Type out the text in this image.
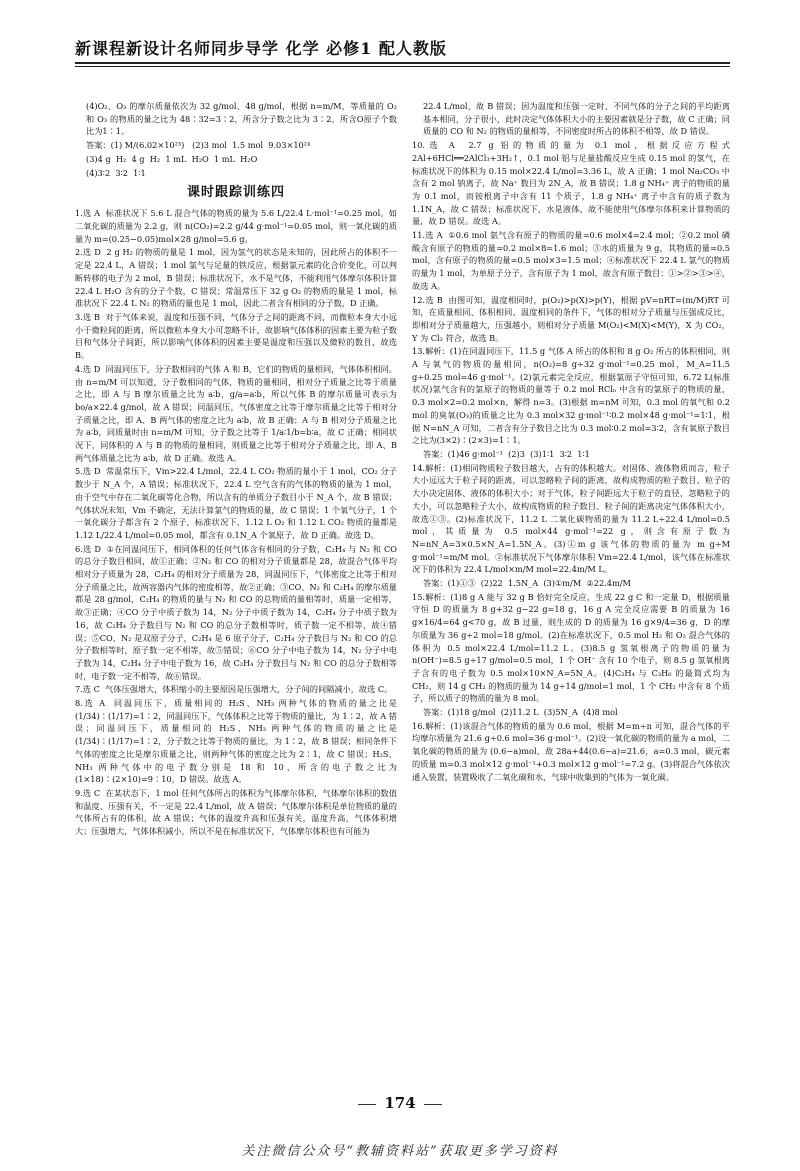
新课程新设计名师同步导学 化学 必修1 配人教版

(4)O₂、O₃ 的摩尔质量依次为 32 g/mol、48 g/mol，根据 n=m/M，等质量的 O₂ 和 O₃ 的物质的量之比为 48∶32=3∶2，所含分子数之比为 3∶2，所含O原子个数比为1∶1。

答案：(1) M/(6.02×10²³)   (2)3 mol  1.5 mol  9.03×10²⁴

(3)4 g  H₂  4 g  H₂  1 mL  H₂O  1 mL  H₂O

(4)3∶2  3∶2  1∶1

课时跟踪训练四

1.选 A  标准状况下 5.6 L 混合气体的物质的量为 5.6 L/22.4 L·mol⁻¹=0.25 mol。如二氧化碳的质量为 2.2 g，则 n(CO₂)=2.2 g/44 g·mol⁻¹=0.05 mol，则一氧化碳的质量为 m=(0.25−0.05)mol×28 g/mol=5.6 g。

2.选 D  2 g H₂ 的物质的量是 1 mol，因为氢气的状态是未知的，因此所占的体积不一定是 22.4 L，A 错误；1 mol 氯气与足量的铁反应，根据氯元素的化合价变化，可以判断转移的电子为 2 mol，B 错误；标准状况下，水不是气体，不能利用气体摩尔体积计算 22.4 L H₂O 含有的分子个数，C 错误；常温常压下 32 g O₂ 的物质的量是 1 mol，标准状况下 22.4 L N₂ 的物质的量也是 1 mol，因此二者含有相同的分子数，D 正确。

3.选 B  对于气体来说，温度和压强不同，气体分子之间的距离不同，而微粒本身大小远小于微粒间的距离，所以微粒本身大小可忽略不计，故影响气体体积的因素主要为粒子数目和气体分子间距，所以影响气体体积的因素主要是温度和压强以及微粒的数目，故选 B。

4.选 D  同温同压下，分子数相同的气体 A 和 B，它们的物质的量相同，气体体积相同。由 n=m/M 可以知道，分子数相同的气体，物质的量相同，相对分子质量之比等于质量之比，即 A 与 B 摩尔质量之比为 a∶b，g/a=a∶b，所以气体 B 的摩尔质量可表示为 bo/a×22.4 g/mol，故 A 错误；同温同压，气体密度之比等于摩尔质量之比等于相对分子质量之比，即 A、B 两气体的密度之比为 a∶b，故 B 正确；A 与 B 相对分子质量之比为 a∶b，同质量时由 n=m/M 可知，分子数之比等于 1/a∶1/b=b∶a，故 C 正确；相同状况下，同体积的 A 与 B 的物质的量相同，则质量之比等于相对分子质量之比，即 A、B 两气体质量之比为 a∶b，故 D 正确。故选 A。

5.选 D  常温常压下，Vm>22.4 L/mol，22.4 L CO₂ 物质的量小于 1 mol，CO₂ 分子数少于 N_A 个，A 错误；标准状况下，22.4 L 空气含有的气体的物质的量为 1 mol，由于空气中存在二氧化碳等化合物，所以含有的单质分子数目小于 N_A 个，故 B 错误；气体状况未知，Vm 不确定，无法计算氯气的物质的量，故 C 错误；1 个氧气分子，1 个一氧化碳分子都含有 2 个原子，标准状况下，1.12 L O₂ 和 1.12 L CO₂ 物质的量都是 1.12 L/22.4 L/mol=0.05 mol，都含有 0.1N_A 个氧原子，故 D 正确。故选 D。

6.选 D  ①在同温同压下，相同体积的任何气体含有相同的分子数，C₂H₄ 与 N₂ 和 CO 的总分子数目相同，故①正确；②N₂ 和 CO 的相对分子质量都是 28，故混合气体平均相对分子质量为 28，C₂H₄ 的相对分子质量为 28，同温同压下，气体密度之比等于相对分子质量之比，故两容器内气体的密度相等，故②正确；③CO、N₂ 和 C₂H₄ 的摩尔质量都是 28 g/mol，C₂H₄ 的物质的量与 N₂ 和 CO 的总物质的量相等时，质量一定相等，故③正确；④CO 分子中质子数为 14，N₂ 分子中质子数为 14，C₂H₄ 分子中质子数为 16，故 C₂H₄ 分子数目与 N₂ 和 CO 的总分子数相等时，质子数一定不相等，故④错误；⑤CO、N₂ 是双原子分子，C₂H₄ 是 6 原子分子，C₂H₄ 分子数目与 N₂ 和 CO 的总分子数相等时，原子数一定不相等，故⑤错误；⑥CO 分子中电子数为 14，N₂ 分子中电子数为 14，C₂H₄ 分子中电子数为 16，故 C₂H₄ 分子数目与 N₂ 和 CO 的总分子数相等时，电子数一定不相等，故⑥错误。

7.选 C  气体压强增大，体积缩小的主要原因是压强增大，分子间的间隔减小，故选 C。

8.选 A  同温同压下，质量相同的 H₂S、NH₃ 两种气体的物质的量之比是 (1/34)∶(1/17)=1∶2，同温同压下，气体体积之比等于物质的量比，为 1∶2，故 A 错误；同温同压下，质量相同的 H₂S、NH₃ 两种气体的物质的量之比是 (1/34)∶(1/17)=1∶2，分子数之比等于物质的量比，为 1∶2，故 B 错误；相同条件下气体的密度之比是摩尔质量之比，则两种气体的密度之比为 2∶1，故 C 错误；H₂S、NH₃ 两种气体中的电子数分别是 18 和 10，所含的电子数之比为(1×18)∶(2×10)=9∶10，D 错误。故选 A。

9.选 C  在某状态下，1 mol 任何气体所占的体积为气体摩尔体积，气体摩尔体积的数值和温度、压强有关，不一定是 22.4 L/mol，故 A 错误；气体摩尔体积是单位物质的量的气体所占有的体积，故 A 错误；气体的温度升高和压强有关，温度升高，气体体积增大；压强增大，气体体积减小，所以不是在标准状况下，气体摩尔体积也有可能为

22.4 L/mol，故 B 错误；因为温度和压强一定时，不同气体的分子之间的平均距离基本相同，分子很小，此时决定气体体积大小的主要因素就是分子数，故 C 正确；同质量的 CO 和 N₂ 的物质的量相等，不同密度时所占的体积不相等，故 D 错误。

10.选 A  2.7 g 铝的物质的量为 0.1 mol，根据反应方程式 2Al+6HCl══2AlCl₃+3H₂↑，0.1 mol 铝与足量盐酸反应生成 0.15 mol 的氢气，在标准状况下的体积为 0.15 mol×22.4 L/mol=3.36 L，故 A 正确；1 mol Na₂CO₃ 中含有 2 mol 钠离子，故 Na⁺ 数目为 2N_A，故 B 错误；1.8 g NH₄⁺ 离子的物质的量为 0.1 mol，而铵根离子中含有 11 个质子，1.8 g NH₄⁺ 离子中含有的质子数为 1.1N_A，故 C 错误；标准状况下，水是液体，故不能使用气体摩尔体积来计算物质的量，故 D 错误。故选 A。

11.选 A  ①0.6 mol 氨气含有原子的物质的量=0.6 mol×4=2.4 mol；②0.2 mol 磷酸含有原子的物质的量=0.2 mol×8=1.6 mol；③水的质量为 9 g，其物质的量=0.5 mol，含有原子的物质的量=0.5 mol×3=1.5 mol；④标准状况下 22.4 L 氯气的物质的量为 1 mol，为单原子分子，含有原子为 1 mol，故含有原子数目：①>②>③>④，故选 A。

12.选 B  由图可知，温度相同时，p(O₂)>p(X)>p(Y)，根据 pV=nRT=(m/M)RT 可知，在质量相同、体积相同、温度相同的条件下，气体的相对分子质量与压强成反比，即相对分子质量越大，压强越小，则相对分子质量 M(O₂)<M(X)<M(Y)，X 为 CO₂，Y 为 Cl₂ 符合，故选 B。

13.解析：(1)在同温同压下，11.5 g 气体 A 所占的体积和 8 g O₂ 所占的体积相同，则 A 与氧气的物质的量相同，n(O₂)=8 g÷32 g·mol⁻¹=0.25 mol，M_A=11.5 g÷0.25 mol=46 g·mol⁻¹。(2)氯元素完全反应，根据氯原子守恒可知，6.72 L(标准状况)氯气含有的氯原子的物质的量等于 0.2 mol RClₙ 中含有的氯原子的物质的量，0.3 mol×2=0.2 mol×n，解得 n=3。(3)根据 m=nM 可知，0.3 mol 的氧气和 0.2 mol 的臭氧(O₃)的质量之比为 0.3 mol×32 g·mol⁻¹∶0.2 mol×48 g·mol⁻¹=1∶1，根据 N=nN_A 可知，二者含有分子数目之比为 0.3 mol∶0.2 mol=3∶2，含有氧原子数目之比为(3×2)∶(2×3)=1∶1。

答案：(1)46 g·mol⁻¹  (2)3  (3)1∶1  3∶2  1∶1

14.解析：(1)相同物质粒子数目越大，占有的体积越大。对固体、液体物质而言，粒子大小远远大于粒子间的距离，可以忽略粒子间的距离，故构成物质的粒子数目、粒子的大小决定固体、液体的体积大小；对于气体，粒子间距远大于粒子的直径，忽略粒子的大小，可以忽略粒子大小，故构成物质的粒子数目、粒子间的距离决定气体体积大小，故选①③。(2)标准状况下，11.2 L 二氧化碳物质的量为 11.2 L÷22.4 L/mol=0.5 mol，其质量为 0.5 mol×44 g·mol⁻¹=22 g，则含有原子数为 N=nN_A=3×0.5×N_A=1.5N_A。(3)①m g 该气体的物质的量为 m g÷M g·mol⁻¹=m/M mol。②标准状况下气体摩尔体积 Vm=22.4 L/mol，该气体在标准状况下的体积为 22.4 L/mol×m/M mol=22.4m/M L。

答案：(1)①③  (2)22  1.5N_A  (3)①m/M  ②22.4m/M

15.解析：(1)8 g A 能与 32 g B 恰好完全反应，生成 22 g C 和一定量 D，根据质量守恒 D 的质量为 8 g+32 g−22 g=18 g，16 g A 完全反应需要 B 的质量为 16 g×16/4=64 g<70 g，故 B 过量，则生成的 D 的质量为 16 g×9/4=36 g，D 的摩尔质量为 36 g÷2 mol=18 g/mol。(2)在标准状况下，0.5 mol H₂ 和 O₂ 混合气体的体积为 0.5 mol×22.4 L/mol=11.2 L。(3)8.5 g 氢氧根离子的物质的量为 n(OH⁻)=8.5 g÷17 g/mol=0.5 mol，1 个 OH⁻ 含有 10 个电子，则 8.5 g 氢氧根离子含有的电子数为 0.5 mol×10×N_A=5N_A。(4)C₂H₄ 与 C₃H₆ 的最简式均为 CH₂，则 14 g CH₂ 的物质的量为 14 g÷14 g/mol=1 mol，1 个 CH₂ 中含有 8 个质子，所以质子的物质的量为 8 mol。

答案：(1)18 g/mol  (2)11.2 L  (3)5N_A  (4)8 mol

16.解析：(1)该混合气体的物质的量为 0.6 mol，根据 M=m÷n 可知，混合气体的平均摩尔质量为 21.6 g÷0.6 mol=36 g·mol⁻¹。(2)设一氧化碳的物质的量为 a mol，二氧化碳的物质的量为 (0.6−a)mol，故 28a+44(0.6−a)=21.6，a=0.3 mol，碳元素的质量 m=0.3 mol×12 g·mol⁻¹+0.3 mol×12 g·mol⁻¹=7.2 g。(3)将混合气体依次通入装置，装置吸收了二氧化碳和水，气球中收集到的气体为一氧化碳。

174
关注微信公众号“教辅资料站”获取更多学习资料
